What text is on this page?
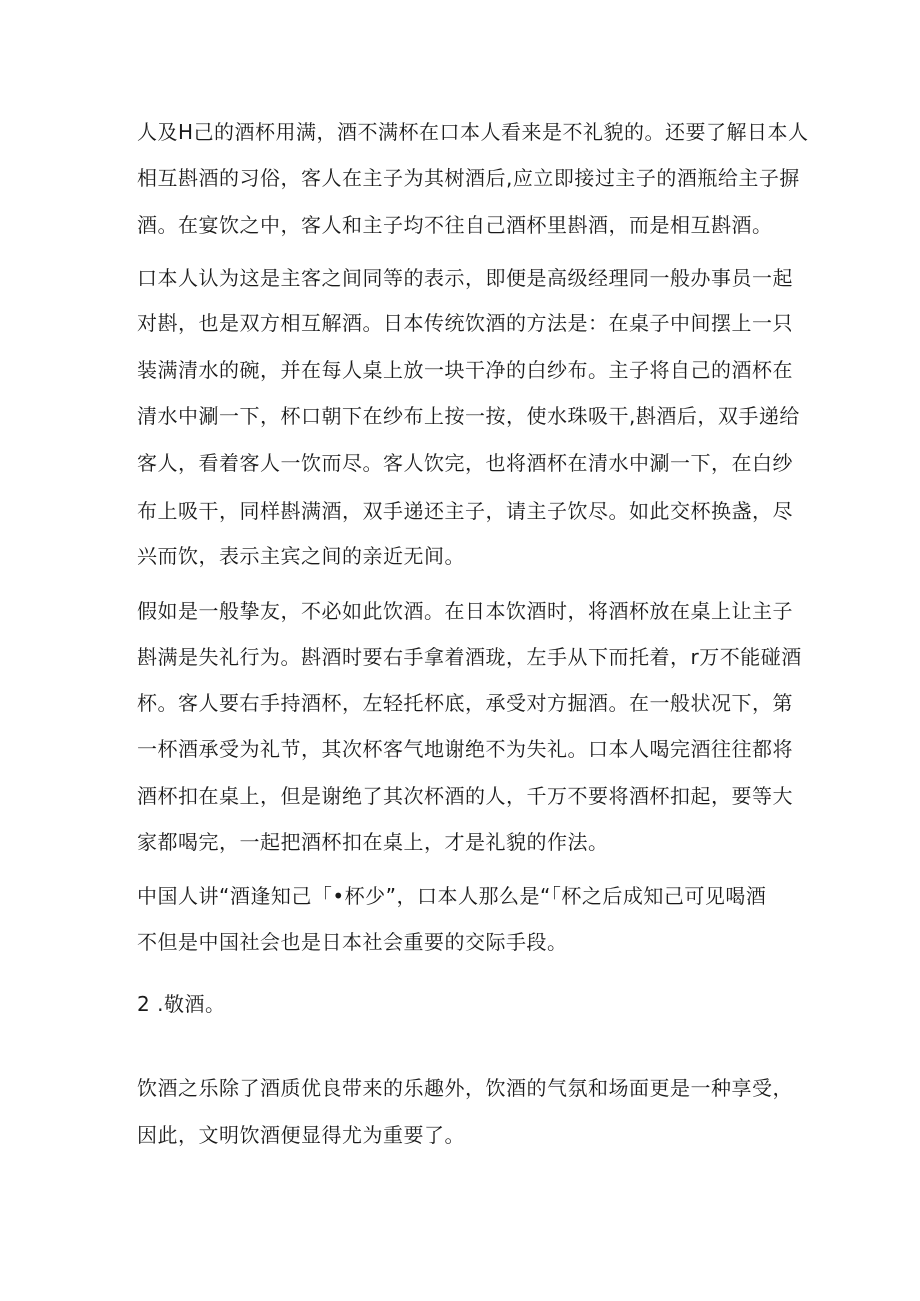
人及H己的酒杯用满，酒不满杯在口本人看来是不礼貌的。还要了解日本人
相互斟酒的习俗，客人在主子为其树酒后,应立即接过主子的酒瓶给主子摒
酒。在宴饮之中，客人和主子均不往自己酒杯里斟酒，而是相互斟酒。
口本人认为这是主客之间同等的表示，即便是高级经理同一般办事员一起
对斟，也是双方相互解酒。日本传统饮酒的方法是：在桌子中间摆上一只
装满清水的碗，并在每人桌上放一块干净的白纱布。主子将自己的酒杯在
清水中涮一下，杯口朝下在纱布上按一按，使水珠吸干,斟酒后，双手递给
客人，看着客人一饮而尽。客人饮完，也将酒杯在清水中涮一下，在白纱
布上吸干，同样斟满酒，双手递还主子，请主子饮尽。如此交杯换盏，尽
兴而饮，表示主宾之间的亲近无间。
假如是一般挚友，不必如此饮酒。在日本饮酒时，将酒杯放在桌上让主子
斟满是失礼行为。斟酒时要右手拿着酒珑，左手从下而托着，r万不能碰酒
杯。客人要右手持酒杯，左轻托杯底，承受对方掘酒。在一般状况下，第
一杯酒承受为礼节，其次杯客气地谢绝不为失礼。口本人喝完酒往往都将
酒杯扣在桌上，但是谢绝了其次杯酒的人，千万不要将酒杯扣起，要等大
家都喝完，一起把酒杯扣在桌上，才是礼貌的作法。
中国人讲“酒逢知己「•杯少”，口本人那么是“「杯之后成知己可见喝酒
不但是中国社会也是日本社会重要的交际手段。
2 .敬酒。
饮酒之乐除了酒质优良带来的乐趣外，饮酒的气氛和场面更是一种享受，
因此，文明饮酒便显得尤为重要了。
